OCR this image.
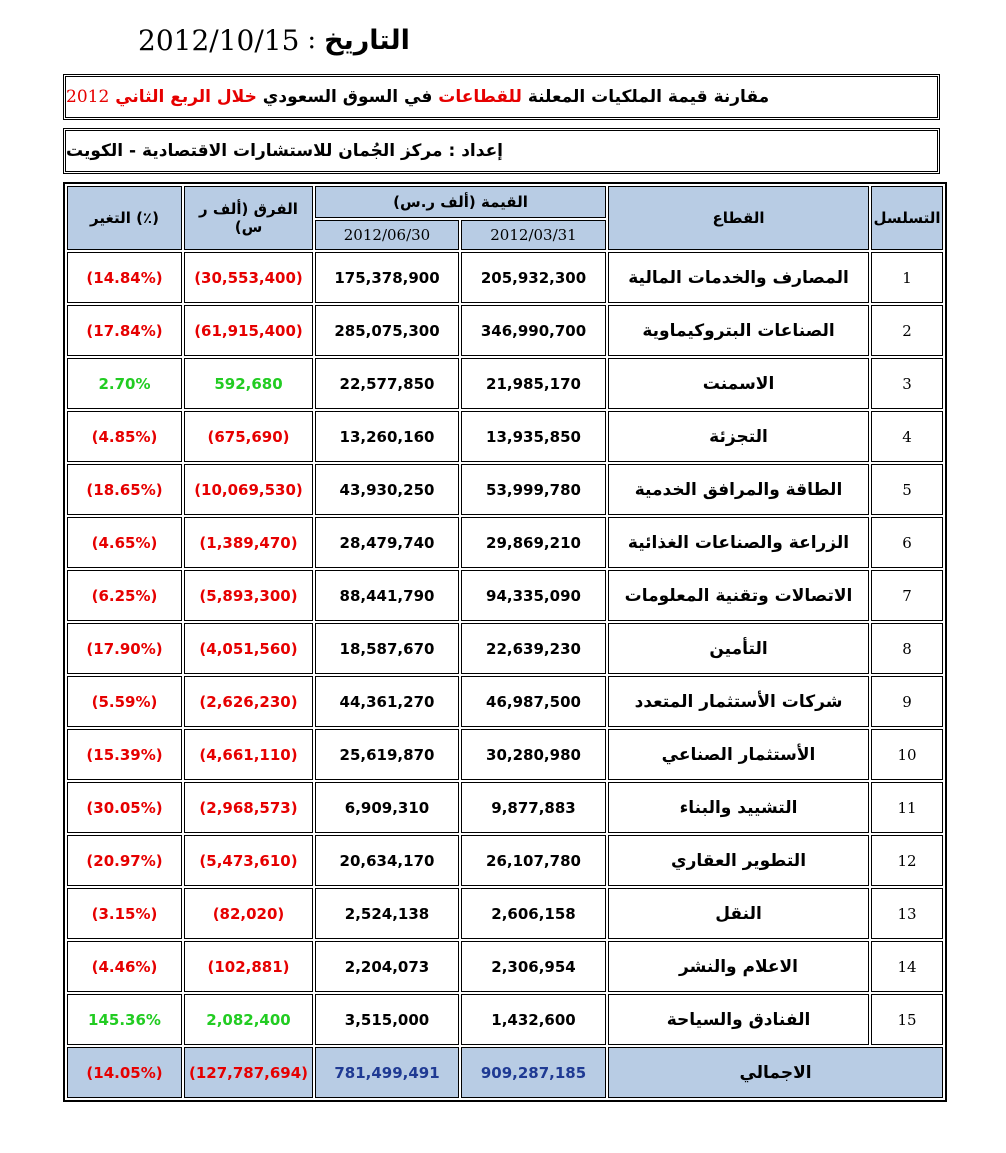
2012/10/15 : التاريخ
مقارنة قيمة الملكيات المعلنة للقطاعات في السوق السعودي خلال الربع الثاني 2012
إعداد : مركز الجُمان للاستشارات الاقتصادية - الكويت
التغير (٪)	الفرق (ألف ر س)	القيمة (ألف ر.س)		القطاع	التسلسل
		2012/06/30	2012/03/31		
(14.84%)	(30,553,400)	175,378,900	205,932,300	المصارف والخدمات المالية	1
(17.84%)	(61,915,400)	285,075,300	346,990,700	الصناعات البتروكيماوية	2
2.70%	592,680	22,577,850	21,985,170	الاسمنت	3
(4.85%)	(675,690)	13,260,160	13,935,850	التجزئة	4
(18.65%)	(10,069,530)	43,930,250	53,999,780	الطاقة والمرافق الخدمية	5
(4.65%)	(1,389,470)	28,479,740	29,869,210	الزراعة والصناعات الغذائية	6
(6.25%)	(5,893,300)	88,441,790	94,335,090	الاتصالات وتقنية المعلومات	7
(17.90%)	(4,051,560)	18,587,670	22,639,230	التأمين	8
(5.59%)	(2,626,230)	44,361,270	46,987,500	شركات الأستثمار المتعدد	9
(15.39%)	(4,661,110)	25,619,870	30,280,980	الأستثمار الصناعي	10
(30.05%)	(2,968,573)	6,909,310	9,877,883	التشييد والبناء	11
(20.97%)	(5,473,610)	20,634,170	26,107,780	التطوير العقاري	12
(3.15%)	(82,020)	2,524,138	2,606,158	النقل	13
(4.46%)	(102,881)	2,204,073	2,306,954	الاعلام والنشر	14
145.36%	2,082,400	3,515,000	1,432,600	الفنادق والسياحة	15
(14.05%)	(127,787,694)	781,499,491	909,287,185	الاجمالي	
